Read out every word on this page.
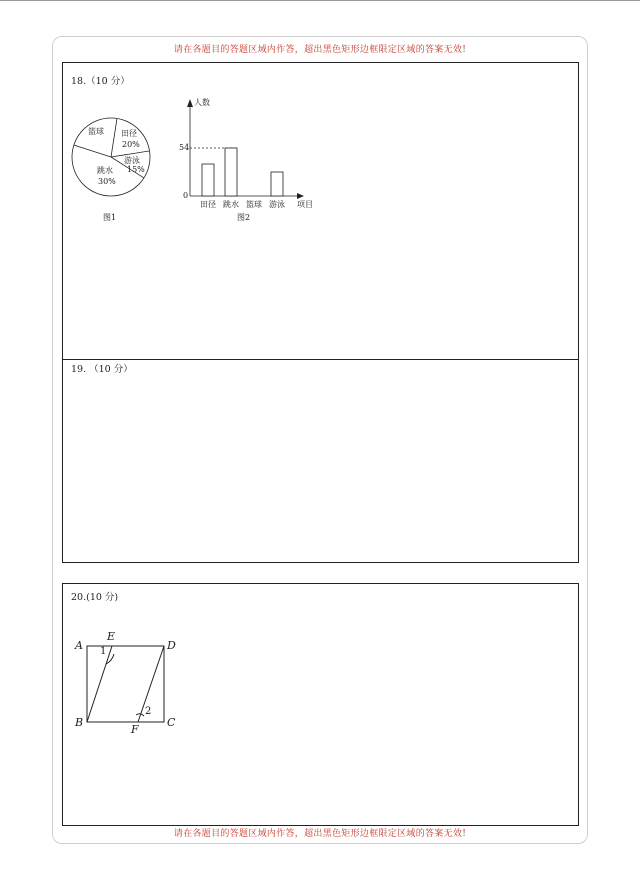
请在各题目的答题区域内作答，超出黑色矩形边框限定区域的答案无效!
18.（10 分）
篮球 田径
20%
游泳
15%
跳水
30%
图1
人数
54
0
田径 跳水 篮球 游泳 项目
图2
19. （10 分）
20.(10 分)
A
E
D
B
F
C
1
2
请在各题目的答题区域内作答，超出黑色矩形边框限定区域的答案无效!
